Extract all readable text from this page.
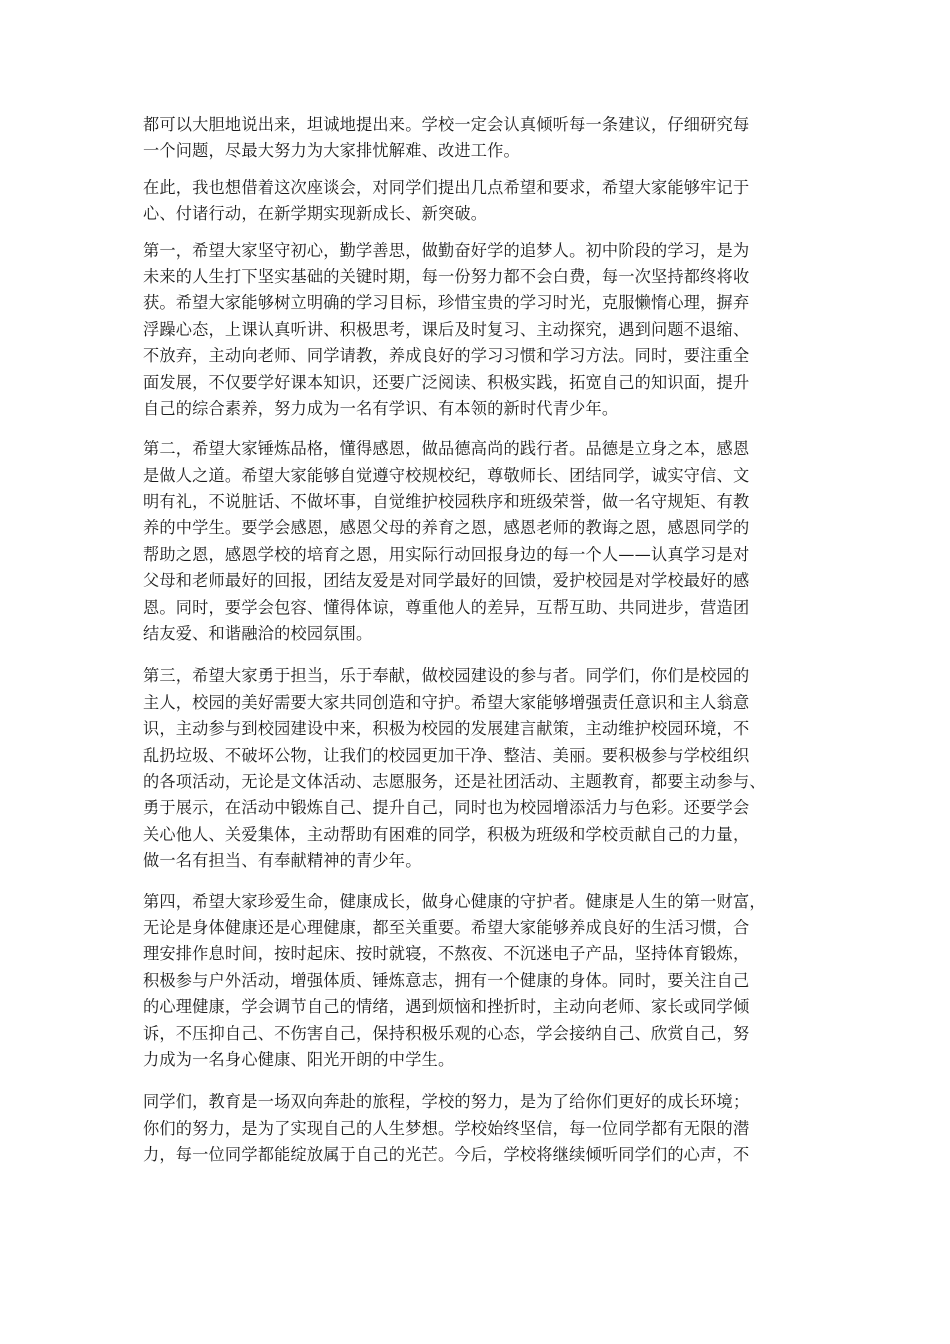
都可以大胆地说出来，坦诚地提出来。学校一定会认真倾听每一条建议，仔细研究每
一个问题，尽最大努力为大家排忧解难、改进工作。
在此，我也想借着这次座谈会，对同学们提出几点希望和要求，希望大家能够牢记于
心、付诸行动，在新学期实现新成长、新突破。
第一，希望大家坚守初心，勤学善思，做勤奋好学的追梦人。初中阶段的学习，是为
未来的人生打下坚实基础的关键时期，每一份努力都不会白费，每一次坚持都终将收
获。希望大家能够树立明确的学习目标，珍惜宝贵的学习时光，克服懒惰心理，摒弃
浮躁心态，上课认真听讲、积极思考，课后及时复习、主动探究，遇到问题不退缩、
不放弃，主动向老师、同学请教，养成良好的学习习惯和学习方法。同时，要注重全
面发展，不仅要学好课本知识，还要广泛阅读、积极实践，拓宽自己的知识面，提升
自己的综合素养，努力成为一名有学识、有本领的新时代青少年。
第二，希望大家锤炼品格，懂得感恩，做品德高尚的践行者。品德是立身之本，感恩
是做人之道。希望大家能够自觉遵守校规校纪，尊敬师长、团结同学，诚实守信、文
明有礼，不说脏话、不做坏事，自觉维护校园秩序和班级荣誉，做一名守规矩、有教
养的中学生。要学会感恩，感恩父母的养育之恩，感恩老师的教诲之恩，感恩同学的
帮助之恩，感恩学校的培育之恩，用实际行动回报身边的每一个人——认真学习是对
父母和老师最好的回报，团结友爱是对同学最好的回馈，爱护校园是对学校最好的感
恩。同时，要学会包容、懂得体谅，尊重他人的差异，互帮互助、共同进步，营造团
结友爱、和谐融洽的校园氛围。
第三，希望大家勇于担当，乐于奉献，做校园建设的参与者。同学们，你们是校园的
主人，校园的美好需要大家共同创造和守护。希望大家能够增强责任意识和主人翁意
识，主动参与到校园建设中来，积极为校园的发展建言献策，主动维护校园环境，不
乱扔垃圾、不破坏公物，让我们的校园更加干净、整洁、美丽。要积极参与学校组织
的各项活动，无论是文体活动、志愿服务，还是社团活动、主题教育，都要主动参与、
勇于展示，在活动中锻炼自己、提升自己，同时也为校园增添活力与色彩。还要学会
关心他人、关爱集体，主动帮助有困难的同学，积极为班级和学校贡献自己的力量，
做一名有担当、有奉献精神的青少年。
第四，希望大家珍爱生命，健康成长，做身心健康的守护者。健康是人生的第一财富，
无论是身体健康还是心理健康，都至关重要。希望大家能够养成良好的生活习惯，合
理安排作息时间，按时起床、按时就寝，不熬夜、不沉迷电子产品，坚持体育锻炼，
积极参与户外活动，增强体质、锤炼意志，拥有一个健康的身体。同时，要关注自己
的心理健康，学会调节自己的情绪，遇到烦恼和挫折时，主动向老师、家长或同学倾
诉，不压抑自己、不伤害自己，保持积极乐观的心态，学会接纳自己、欣赏自己，努
力成为一名身心健康、阳光开朗的中学生。
同学们，教育是一场双向奔赴的旅程，学校的努力，是为了给你们更好的成长环境；
你们的努力，是为了实现自己的人生梦想。学校始终坚信，每一位同学都有无限的潜
力，每一位同学都能绽放属于自己的光芒。今后，学校将继续倾听同学们的心声，不
